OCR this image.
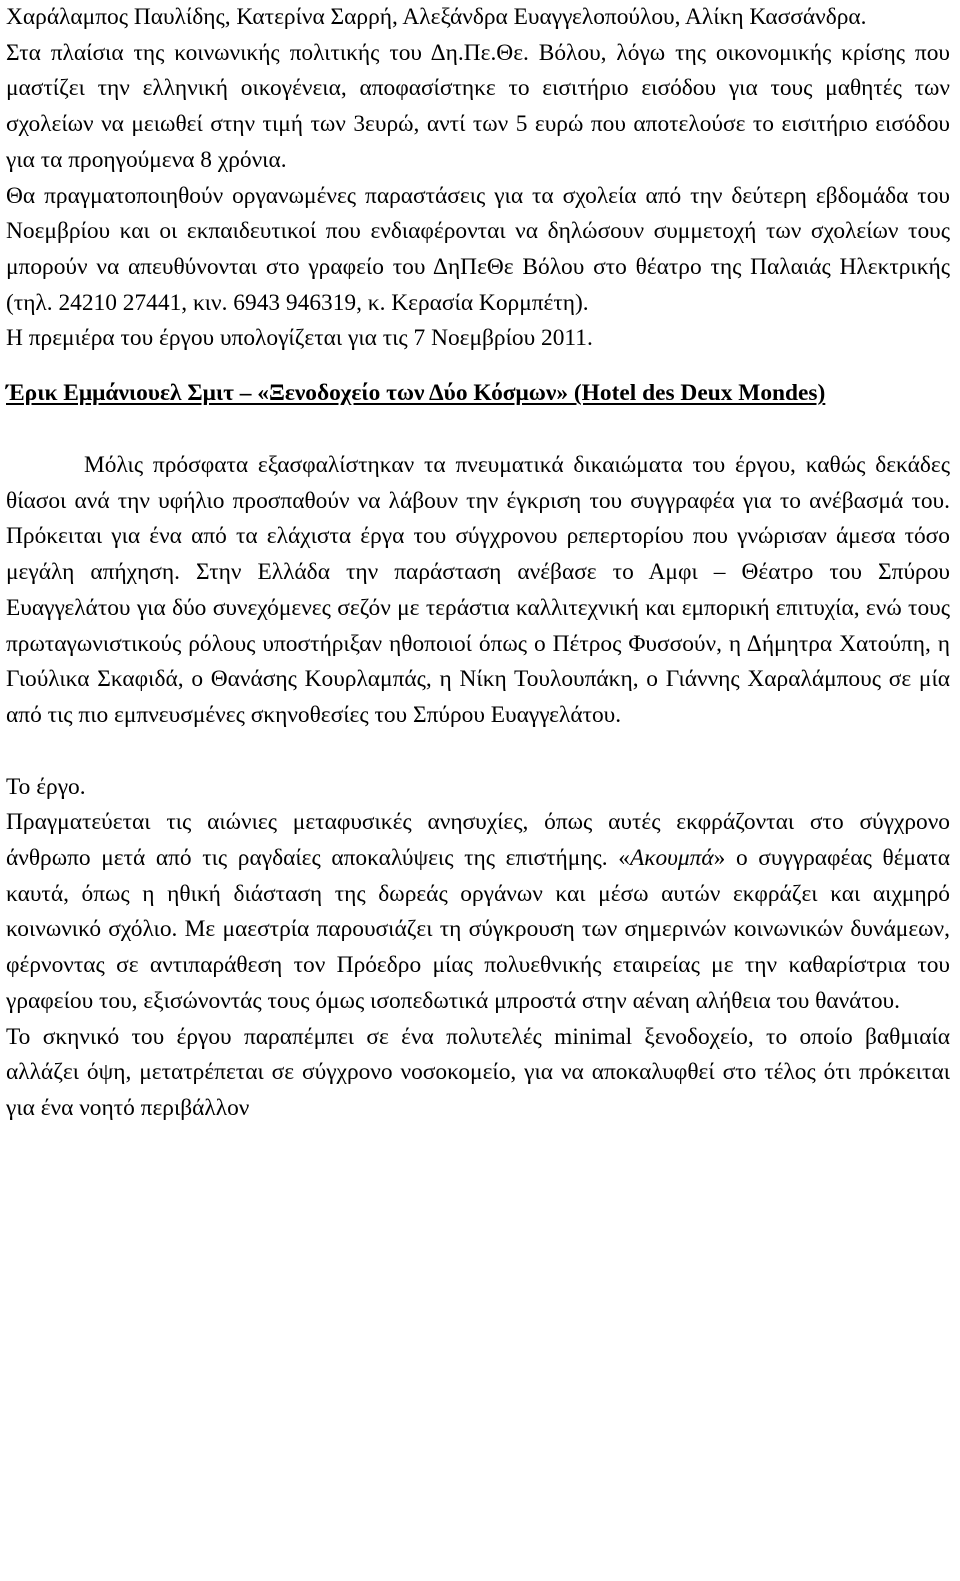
Χαράλαμπος Παυλίδης, Κατερίνα Σαρρή, Αλεξάνδρα Ευαγγελοπούλου, Αλίκη Κασσάνδρα.

Στα πλαίσια της κοινωνικής πολιτικής του Δη.Πε.Θε. Βόλου, λόγω της οικονομικής κρίσης που μαστίζει την ελληνική οικογένεια, αποφασίστηκε το εισιτήριο εισόδου για τους μαθητές των σχολείων να μειωθεί στην τιμή των 3ευρώ, αντί των 5 ευρώ που αποτελούσε το εισιτήριο εισόδου για τα προηγούμενα 8 χρόνια.

Θα πραγματοποιηθούν οργανωμένες παραστάσεις για τα σχολεία από την δεύτερη εβδομάδα του Νοεμβρίου και οι εκπαιδευτικοί που ενδιαφέρονται να δηλώσουν συμμετοχή των σχολείων τους μπορούν να απευθύνονται στο γραφείο του ΔηΠεΘε Βόλου στο θέατρο της Παλαιάς Ηλεκτρικής (τηλ. 24210 27441, κιν. 6943 946319, κ. Κερασία Κορμπέτη).

Η πρεμιέρα του έργου υπολογίζεται για τις 7 Νοεμβρίου 2011.

Έρικ Εμμάνιουελ Σμιτ – «Ξενοδοχείο των Δύο Κόσμων» (Hotel des Deux Mondes)

Μόλις πρόσφατα εξασφαλίστηκαν τα πνευματικά δικαιώματα του έργου, καθώς δεκάδες θίασοι ανά την υφήλιο προσπαθούν να λάβουν την έγκριση του συγγραφέα για το ανέβασμά του. Πρόκειται για ένα από τα ελάχιστα έργα του σύγχρονου ρεπερτορίου που γνώρισαν άμεσα τόσο μεγάλη απήχηση. Στην Ελλάδα την παράσταση ανέβασε το Αμφι – Θέατρο του Σπύρου Ευαγγελάτου για δύο συνεχόμενες σεζόν με τεράστια καλλιτεχνική και εμπορική επιτυχία, ενώ τους πρωταγωνιστικούς ρόλους υποστήριξαν ηθοποιοί όπως ο Πέτρος Φυσσούν, η Δήμητρα Χατούπη, η Γιούλικα Σκαφιδά, ο Θανάσης Κουρλαμπάς, η Νίκη Τουλουπάκη, ο Γιάννης Χαραλάμπους σε μία από τις πιο εμπνευσμένες σκηνοθεσίες του Σπύρου Ευαγγελάτου.

Το έργο.

Πραγματεύεται τις αιώνιες μεταφυσικές ανησυχίες, όπως αυτές εκφράζονται στο σύγχρονο άνθρωπο μετά από τις ραγδαίες αποκαλύψεις της επιστήμης. «Ακουμπά» ο συγγραφέας θέματα καυτά, όπως η ηθική διάσταση της δωρεάς οργάνων και μέσω αυτών εκφράζει και αιχμηρό κοινωνικό σχόλιο. Με μαεστρία παρουσιάζει τη σύγκρουση των σημερινών κοινωνικών δυνάμεων, φέρνοντας σε αντιπαράθεση τον Πρόεδρο μίας πολυεθνικής εταιρείας με την καθαρίστρια του γραφείου του, εξισώνοντάς τους όμως ισοπεδωτικά μπροστά στην αέναη αλήθεια του θανάτου.

Το σκηνικό του έργου παραπέμπει σε ένα πολυτελές minimal ξενοδοχείο, το οποίο βαθμιαία αλλάζει όψη, μετατρέπεται σε σύγχρονο νοσοκομείο, για να αποκαλυφθεί στο τέλος ότι πρόκειται για ένα νοητό περιβάλλον
